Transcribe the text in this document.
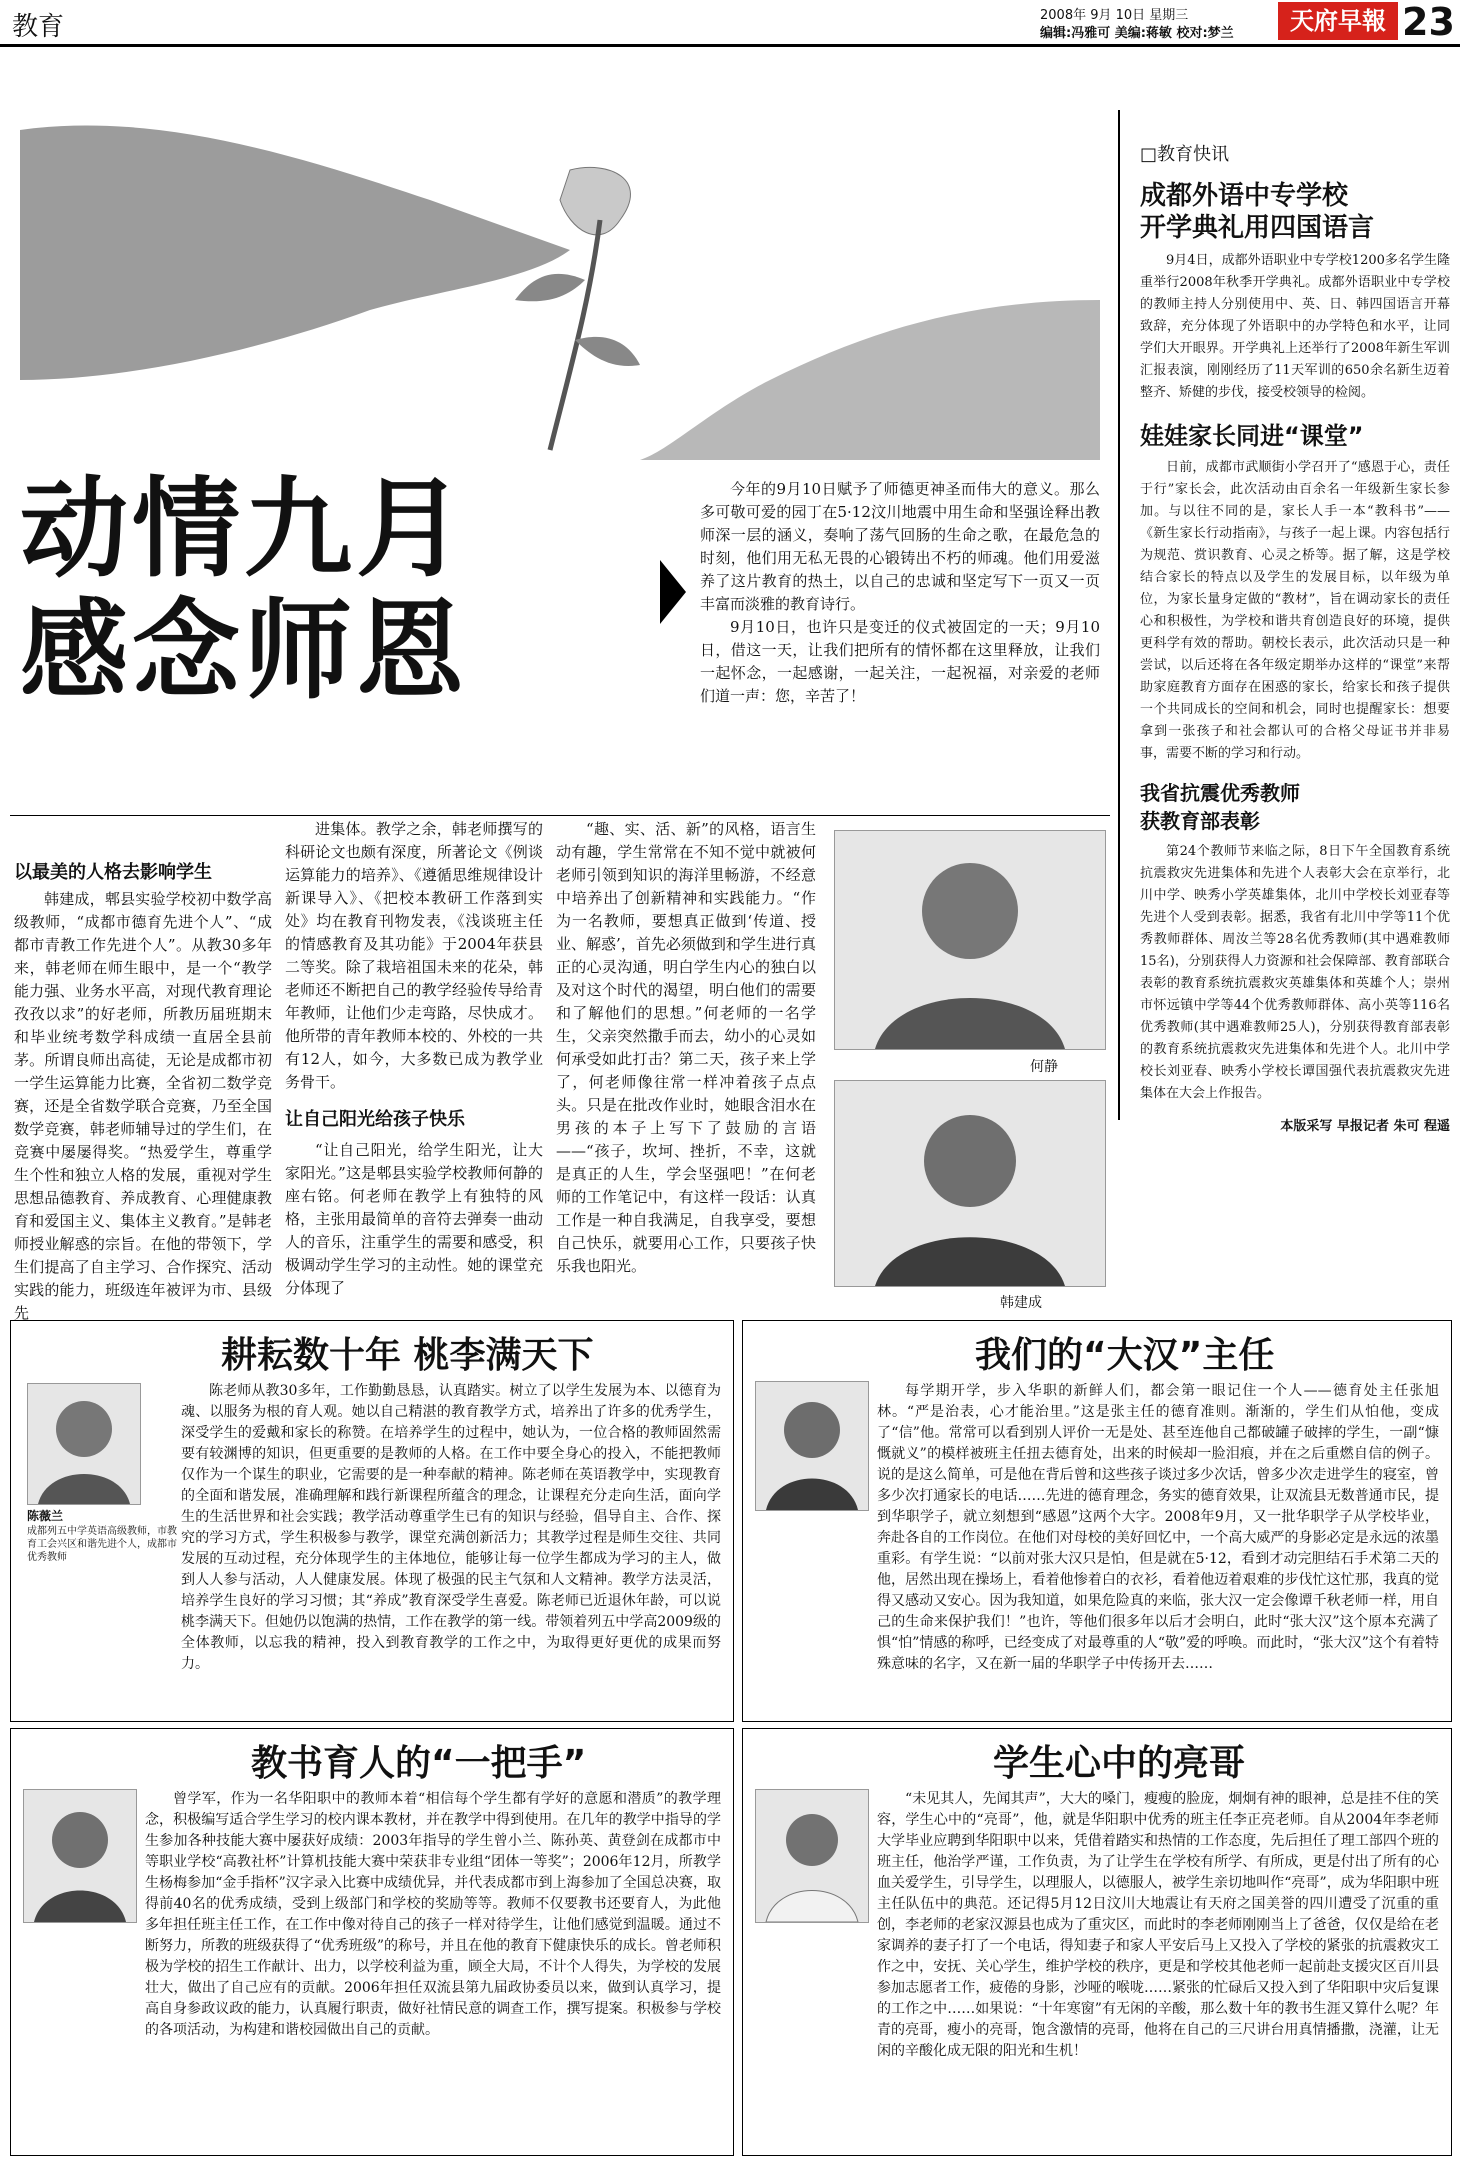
教育	2008年 9月 10日 星期三
编辑:冯雅可 美编:蒋敏 校对:梦兰	天府早報 23
动情九月
感念师恩

今年的9月10日赋予了师德更神圣而伟大的意义。那么多可敬可爱的园丁在5·12汶川地震中用生命和坚强诠释出教师深一层的涵义，奏响了荡气回肠的生命之歌，在最危急的时刻，他们用无私无畏的心锻铸出不朽的师魂。他们用爱滋养了这片教育的热土，以自己的忠诚和坚定写下一页又一页丰富而淡雅的教育诗行。

9月10日，也许只是变迁的仪式被固定的一天；9月10日，借这一天，让我们把所有的情怀都在这里释放，让我们一起怀念，一起感谢，一起关注，一起祝福，对亲爱的老师们道一声：您，辛苦了！

□教育快讯
成都外语中专学校
开学典礼用四国语言

9月4日，成都外语职业中专学校1200多名学生隆重举行2008年秋季开学典礼。成都外语职业中专学校的教师主持人分别使用中、英、日、韩四国语言开幕致辞，充分体现了外语职中的办学特色和水平，让同学们大开眼界。开学典礼上还举行了2008年新生军训汇报表演，刚刚经历了11天军训的650余名新生迈着整齐、矫健的步伐，接受校领导的检阅。

娃娃家长同进“课堂”

日前，成都市武顺街小学召开了“感恩于心，责任于行”家长会，此次活动由百余名一年级新生家长参加。与以往不同的是，家长人手一本“教科书”——《新生家长行动指南》，与孩子一起上课。内容包括行为规范、赏识教育、心灵之桥等。据了解，这是学校结合家长的特点以及学生的发展目标，以年级为单位，为家长量身定做的“教材”，旨在调动家长的责任心和积极性，为学校和谐共育创造良好的环境，提供更科学有效的帮助。朝校长表示，此次活动只是一种尝试，以后还将在各年级定期举办这样的“课堂”来帮助家庭教育方面存在困惑的家长，给家长和孩子提供一个共同成长的空间和机会，同时也提醒家长：想要拿到一张孩子和社会都认可的合格父母证书并非易事，需要不断的学习和行动。

我省抗震优秀教师
获教育部表彰

第24个教师节来临之际，8日下午全国教育系统抗震救灾先进集体和先进个人表彰大会在京举行，北川中学、映秀小学英雄集体，北川中学校长刘亚春等先进个人受到表彰。据悉，我省有北川中学等11个优秀教师群体、周汝兰等28名优秀教师(其中遇难教师15名)，分别获得人力资源和社会保障部、教育部联合表彰的教育系统抗震救灾英雄集体和英雄个人；崇州市怀远镇中学等44个优秀教师群体、高小英等116名优秀教师(其中遇难教师25人)，分别获得教育部表彰的教育系统抗震救灾先进集体和先进个人。北川中学校长刘亚春、映秀小学校长谭国强代表抗震救灾先进集体在大会上作报告。

本版采写 早报记者 朱可 程遥
以最美的人格去影响学生

韩建成，郫县实验学校初中数学高级教师，“成都市德育先进个人”、“成都市青教工作先进个人”。从教30多年来，韩老师在师生眼中，是一个“教学能力强、业务水平高，对现代教育理论孜孜以求”的好老师，所教历届班期末和毕业统考数学科成绩一直居全县前茅。所谓良师出高徒，无论是成都市初一学生运算能力比赛，全省初二数学竞赛，还是全省数学联合竞赛，乃至全国数学竞赛，韩老师辅导过的学生们，在竞赛中屡屡得奖。“热爱学生，尊重学生个性和独立人格的发展，重视对学生思想品德教育、养成教育、心理健康教育和爱国主义、集体主义教育。”是韩老师授业解惑的宗旨。在他的带领下，学生们提高了自主学习、合作探究、活动实践的能力，班级连年被评为市、县级先

进集体。教学之余，韩老师撰写的科研论文也颇有深度，所著论文《例谈运算能力的培养》、《遵循思维规律设计新课导入》、《把校本教研工作落到实处》均在教育刊物发表，《浅谈班主任的情感教育及其功能》于2004年获县二等奖。除了栽培祖国未来的花朵，韩老师还不断把自己的教学经验传导给青年教师，让他们少走弯路，尽快成才。他所带的青年教师本校的、外校的一共有12人，如今，大多数已成为教学业务骨干。

让自己阳光给孩子快乐

“让自己阳光，给学生阳光，让大家阳光。”这是郫县实验学校教师何静的座右铭。何老师在教学上有独特的风格，主张用最简单的音符去弹奏一曲动人的音乐，注重学生的需要和感受，积极调动学生学习的主动性。她的课堂充分体现了

“趣、实、活、新”的风格，语言生动有趣，学生常常在不知不觉中就被何老师引领到知识的海洋里畅游，不经意中培养出了创新精神和实践能力。“作为一名教师，要想真正做到‘传道、授业、解惑’，首先必须做到和学生进行真正的心灵沟通，明白学生内心的独白以及对这个时代的渴望，明白他们的需要和了解他们的思想。”何老师的一名学生，父亲突然撒手而去，幼小的心灵如何承受如此打击？第二天，孩子来上学了，何老师像往常一样冲着孩子点点头。只是在批改作业时，她眼含泪水在男孩的本子上写下了鼓励的言语——“孩子，坎坷、挫折，不幸，这就是真正的人生，学会坚强吧！”在何老师的工作笔记中，有这样一段话：认真工作是一种自我满足，自我享受，要想自己快乐，就要用心工作，只要孩子快乐我也阳光。

何静
韩建成
耕耘数十年 桃李满天下
陈薇兰
成都列五中学英语高级教师，市教育工会兴区和谐先进个人，成都市优秀教师

陈老师从教30多年，工作勤勤恳恳，认真踏实。树立了以学生发展为本、以德育为魂、以服务为根的育人观。她以自己精湛的教育教学方式，培养出了许多的优秀学生，深受学生的爱戴和家长的称赞。在培养学生的过程中，她认为，一位合格的教师固然需要有较渊博的知识，但更重要的是教师的人格。在工作中要全身心的投入，不能把教师仅作为一个谋生的职业，它需要的是一种奉献的精神。陈老师在英语教学中，实现教育的全面和谐发展，准确理解和践行新课程所蕴含的理念，让课程充分走向生活，面向学生的生活世界和社会实践；教学活动尊重学生已有的知识与经验，倡导自主、合作、探究的学习方式，学生积极参与教学，课堂充满创新活力；其教学过程是师生交往、共同发展的互动过程，充分体现学生的主体地位，能够让每一位学生都成为学习的主人，做到人人参与活动，人人健康发展。体现了极强的民主气氛和人文精神。教学方法灵活，培养学生良好的学习习惯；其“养成”教育深受学生喜爱。陈老师已近退休年龄，可以说桃李满天下。但她仍以饱满的热情，工作在教学的第一线。带领着列五中学高2009级的全体教师，以忘我的精神，投入到教育教学的工作之中，为取得更好更优的成果而努力。

我们的“大汉”主任

每学期开学，步入华职的新鲜人们，都会第一眼记住一个人——德育处主任张旭林。“严是治表，心才能治里。”这是张主任的德育准则。渐渐的，学生们从怕他，变成了“信”他。常常可以看到别人评价一无是处、甚至连他自己都破罐子破摔的学生，一副“慷慨就义”的模样被班主任扭去德育处，出来的时候却一脸泪痕，并在之后重燃自信的例子。说的是这么简单，可是他在背后曾和这些孩子谈过多少次话，曾多少次走进学生的寝室，曾多少次打通家长的电话……先进的德育理念，务实的德育效果，让双流县无数普通市民，提到华职学子，就立刻想到“感恩”这两个大字。2008年9月，又一批华职学子从学校毕业，奔赴各自的工作岗位。在他们对母校的美好回忆中，一个高大威严的身影必定是永远的浓墨重彩。有学生说：“以前对张大汉只是怕，但是就在5·12，看到才动完胆结石手术第二天的他，居然出现在操场上，看着他惨着白的衣衫，看着他迈着艰难的步伐忙这忙那，我真的觉得又感动又安心。因为我知道，如果危险真的来临，张大汉一定会像谭千秋老师一样，用自己的生命来保护我们！”也许，等他们很多年以后才会明白，此时“张大汉”这个原本充满了惧“怕”情感的称呼，已经变成了对最尊重的人“敬”爱的呼唤。而此时，“张大汉”这个有着特殊意味的名字，又在新一届的华职学子中传扬开去……

教书育人的“一把手”

曾学军，作为一名华阳职中的教师本着“相信每个学生都有学好的意愿和潜质”的教学理念，积极编写适合学生学习的校内课本教材，并在教学中得到使用。在几年的教学中指导的学生参加各种技能大赛中屡获好成绩：2003年指导的学生曾小兰、陈孙英、黄登剑在成都市中等职业学校“高教社杯”计算机技能大赛中荣获非专业组“团体一等奖”；2006年12月，所教学生杨梅参加“金手指杯”汉字录入比赛中成绩优异，并代表成都市到上海参加了全国总决赛，取得前40名的优秀成绩，受到上级部门和学校的奖励等等。教师不仅要教书还要育人，为此他多年担任班主任工作，在工作中像对待自己的孩子一样对待学生，让他们感觉到温暖。通过不断努力，所教的班级获得了“优秀班级”的称号，并且在他的教育下健康快乐的成长。曾老师积极为学校的招生工作献计、出力，以学校利益为重，顾全大局，不计个人得失，为学校的发展壮大，做出了自己应有的贡献。2006年担任双流县第九届政协委员以来，做到认真学习，提高自身参政议政的能力，认真履行职责，做好社情民意的调查工作，撰写提案。积极参与学校的各项活动，为构建和谐校园做出自己的贡献。

学生心中的亮哥

“未见其人，先闻其声”，大大的嗓门，瘦瘦的脸庞，炯炯有神的眼神，总是挂不住的笑容，学生心中的“亮哥”，他，就是华阳职中优秀的班主任李正亮老师。自从2004年李老师大学毕业应聘到华阳职中以来，凭借着踏实和热情的工作态度，先后担任了理工部四个班的班主任，他治学严谨，工作负责，为了让学生在学校有所学、有所成，更是付出了所有的心血关爱学生，引导学生，以理服人，以德服人，被学生亲切地叫作“亮哥”，成为华阳职中班主任队伍中的典范。还记得5月12日汶川大地震让有天府之国美誉的四川遭受了沉重的重创，李老师的老家汉源县也成为了重灾区，而此时的李老师刚刚当上了爸爸，仅仅是给在老家调养的妻子打了一个电话，得知妻子和家人平安后马上又投入了学校的紧张的抗震救灾工作之中，安抚、关心学生，维护学校的秩序，更是和学校其他老师一起前赴支援灾区百川县参加志愿者工作，疲倦的身影，沙哑的喉咙……紧张的忙碌后又投入到了华阳职中灾后复课的工作之中……如果说：“十年寒窗”有无闲的辛酸，那么数十年的教书生涯又算什么呢？年青的亮哥，瘦小的亮哥，饱含激情的亮哥，他将在自己的三尺讲台用真情播撒，浇灌，让无闲的辛酸化成无限的阳光和生机！
